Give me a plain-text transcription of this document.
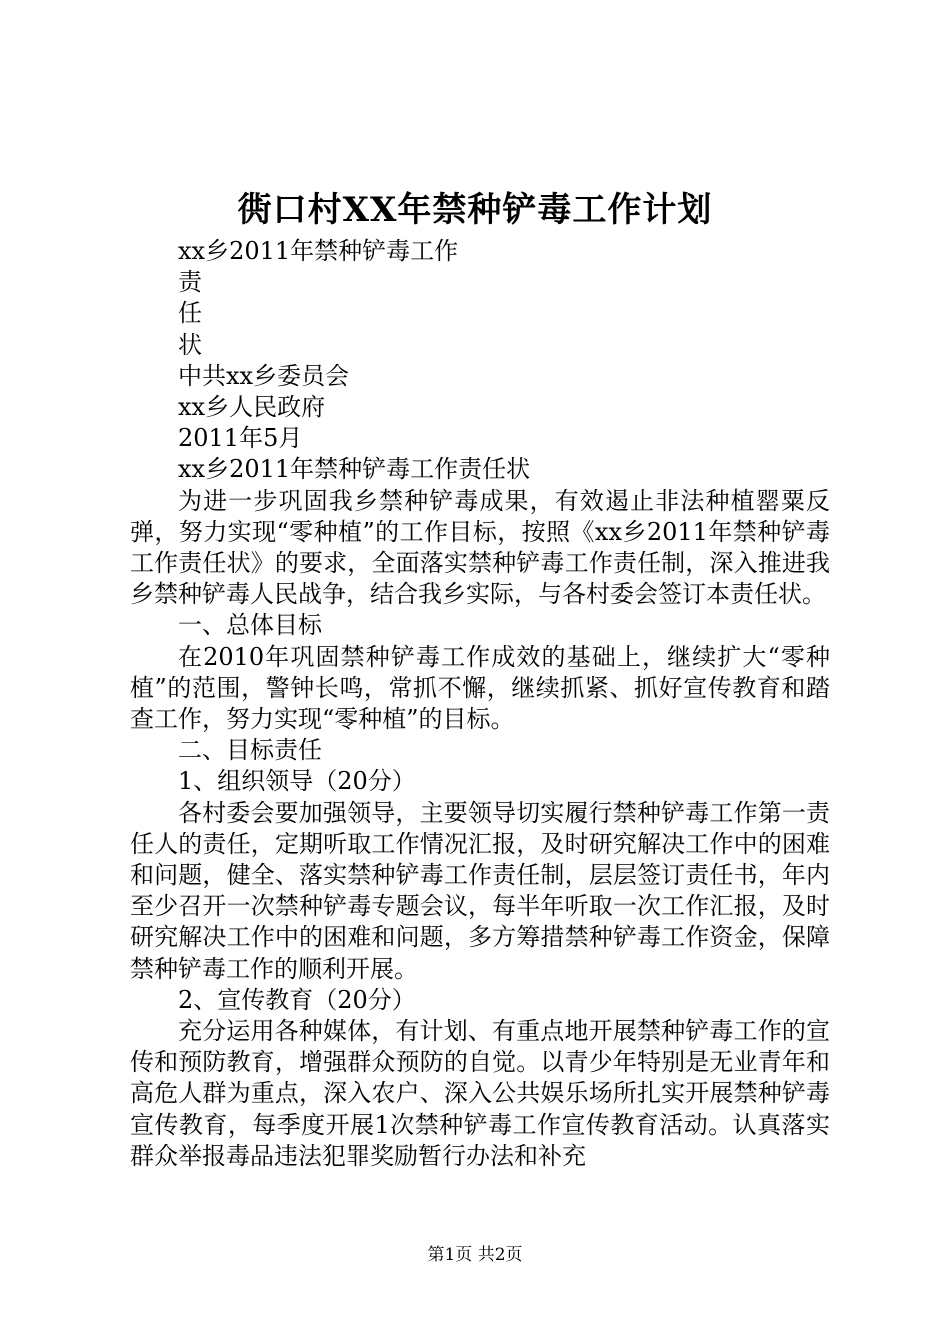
衖口村XX年禁种铲毒工作计划

xx乡2011年禁种铲毒工作

责

任

状

中共xx乡委员会

xx乡人民政府

2011年5月

xx乡2011年禁种铲毒工作责任状

为进一步巩固我乡禁种铲毒成果，有效遏止非法种植罂粟反弹，努力实现“零种植”的工作目标，按照《xx乡2011年禁种铲毒工作责任状》的要求，全面落实禁种铲毒工作责任制，深入推进我乡禁种铲毒人民战争，结合我乡实际，与各村委会签订本责任状。

一、总体目标

在2010年巩固禁种铲毒工作成效的基础上，继续扩大“零种植”的范围，警钟长鸣，常抓不懈，继续抓紧、抓好宣传教育和踏查工作，努力实现“零种植”的目标。

二、目标责任

1、组织领导（20分）

各村委会要加强领导，主要领导切实履行禁种铲毒工作第一责任人的责任，定期听取工作情况汇报，及时研究解决工作中的困难和问题，健全、落实禁种铲毒工作责任制，层层签订责任书，年内至少召开一次禁种铲毒专题会议，每半年听取一次工作汇报，及时研究解决工作中的困难和问题，多方筹措禁种铲毒工作资金，保障禁种铲毒工作的顺利开展。

2、宣传教育（20分）

充分运用各种媒体，有计划、有重点地开展禁种铲毒工作的宣传和预防教育，增强群众预防的自觉。以青少年特别是无业青年和高危人群为重点，深入农户、深入公共娱乐场所扎实开展禁种铲毒宣传教育，每季度开展1次禁种铲毒工作宣传教育活动。认真落实群众举报毒品违法犯罪奖励暂行办法和补充

第1页 共2页
